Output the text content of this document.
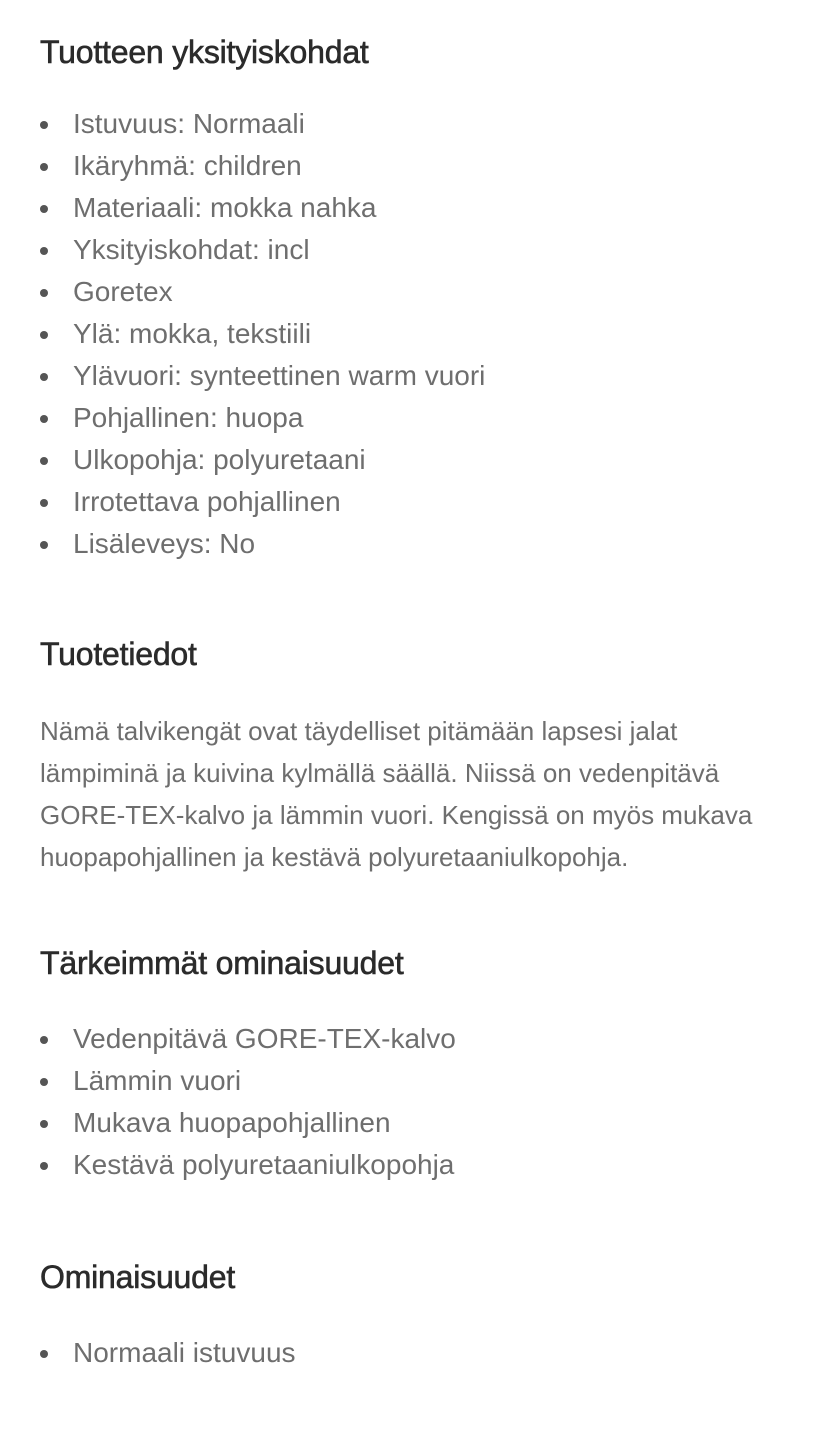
Tuotteen yksityiskohdat
Istuvuus: Normaali
Ikäryhmä: children
Materiaali: mokka nahka
Yksityiskohdat: incl
Goretex
Ylä: mokka, tekstiili
Ylävuori: synteettinen warm vuori
Pohjallinen: huopa
Ulkopohja: polyuretaani
Irrotettava pohjallinen
Lisäleveys: No
Tuotetiedot

Nämä talvikengät ovat täydelliset pitämään lapsesi jalat lämpiminä ja kuivina kylmällä säällä. Niissä on vedenpitävä GORE-TEX-kalvo ja lämmin vuori. Kengissä on myös mukava huopapohjallinen ja kestävä polyuretaaniulkopohja.

Tärkeimmät ominaisuudet
Vedenpitävä GORE-TEX-kalvo
Lämmin vuori
Mukava huopapohjallinen
Kestävä polyuretaaniulkopohja
Ominaisuudet
Normaali istuvuus
